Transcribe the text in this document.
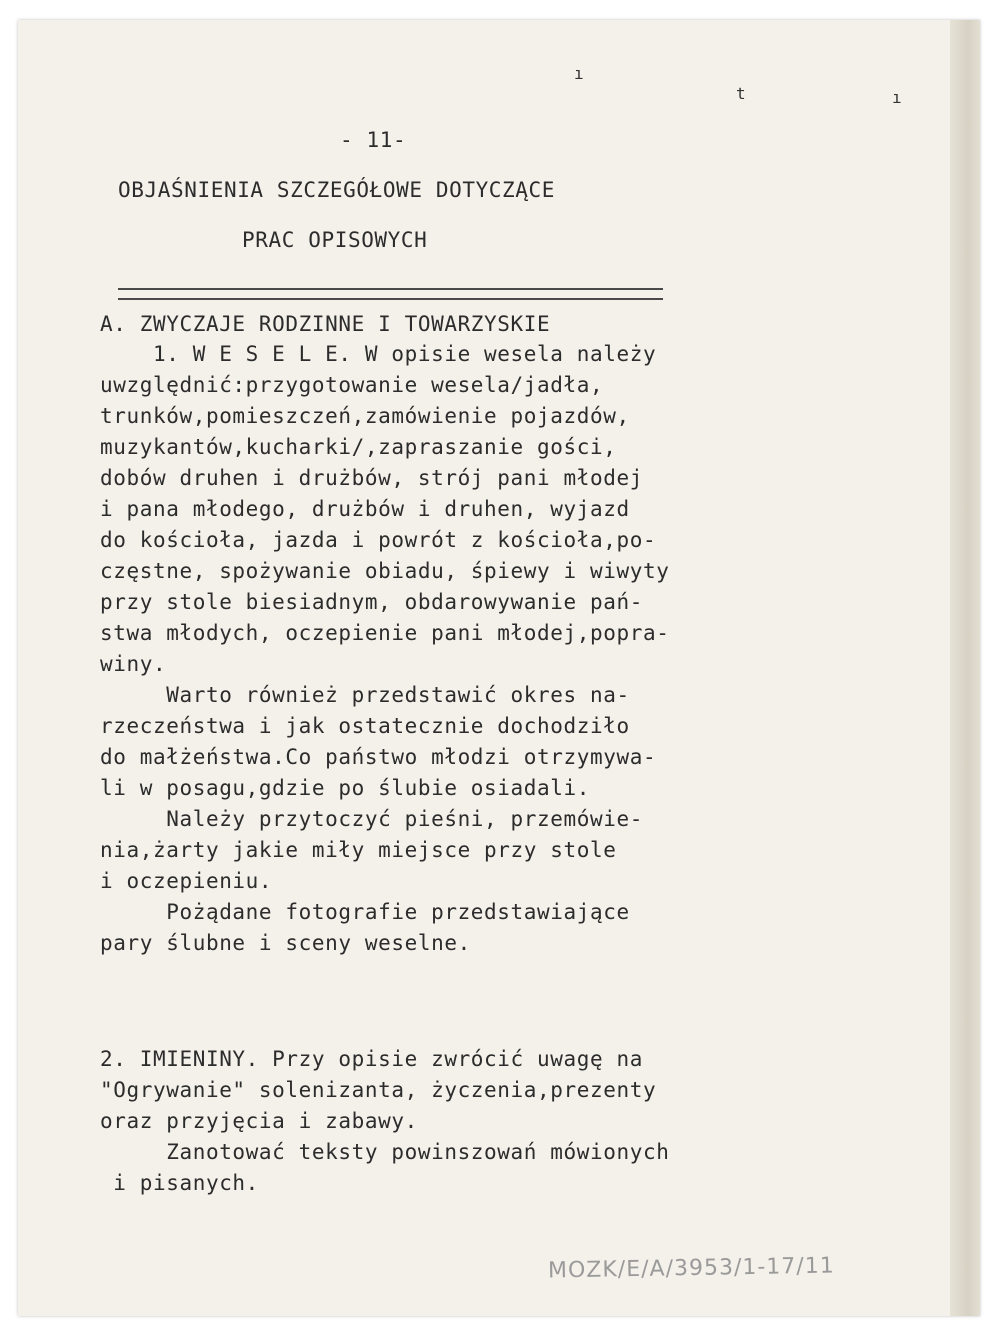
ı
t	ı
- 11-
OBJAŚNIENIA SZCZEGÓŁOWE DOTYCZĄCE
PRAC OPISOWYCH
A. ZWYCZAJE RODZINNE I TOWARZYSKIE
1. W E S E L E. W opisie wesela należy
uwzględnić:przygotowanie wesela/jadła,
trunków,pomieszczeń,zamówienie pojazdów,
muzykantów,kucharki/,zapraszanie gości,
dobów druhen i drużbów, strój pani młodej
i pana młodego, drużbów i druhen, wyjazd
do kościoła, jazda i powrót z kościoła,po-
częstne, spożywanie obiadu, śpiewy i wiwyty
przy stole biesiadnym, obdarowywanie pań-
stwa młodych, oczepienie pani młodej,popra-
winy.
Warto również przedstawić okres na-
rzeczeństwa i jak ostatecznie dochodziło
do małżeństwa.Co państwo młodzi otrzymywa-
li w posagu,gdzie po ślubie osiadali.
Należy przytoczyć pieśni, przemówie-
nia,żarty jakie miły miejsce przy stole
i oczepieniu.
Pożądane fotografie przedstawiające
pary ślubne i sceny weselne.
2. IMIENINY. Przy opisie zwrócić uwagę na
"Ogrywanie" solenizanta, życzenia,prezenty
oraz przyjęcia i zabawy.
Zanotować teksty powinszowań mówionych
i pisanych.
MOZK/E/A/3953/1-17/11
